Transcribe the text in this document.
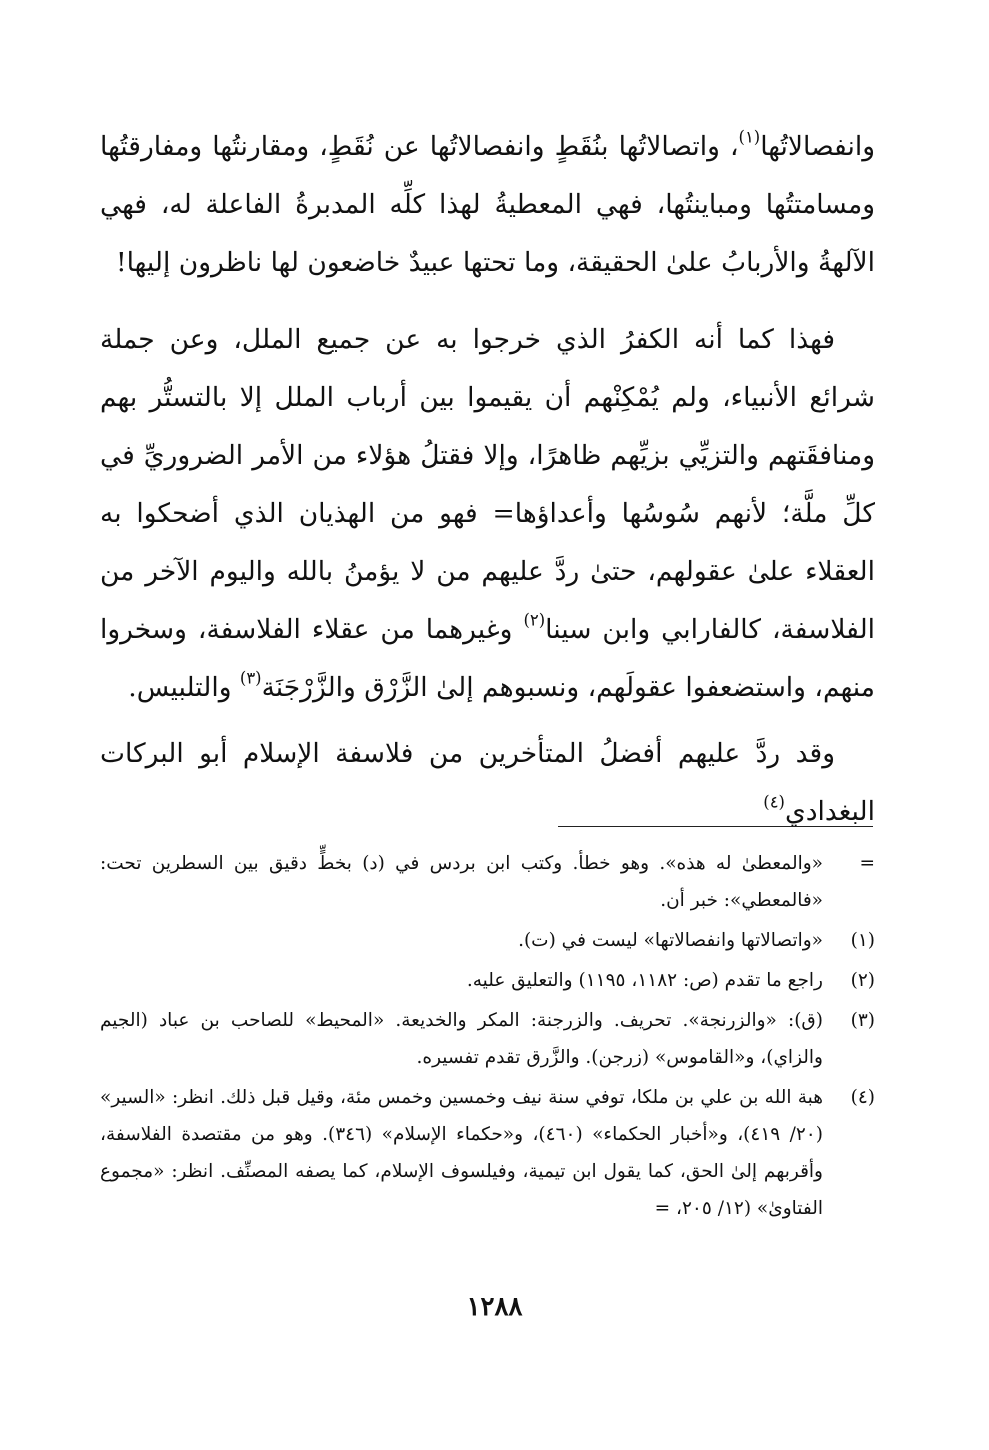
وانفصالاتُها$^{(١)}$، واتصالاتُها بنُقَطٍ وانفصالاتُها عن نُقَطٍ، ومقارنتُها ومفارقتُها ومسامتتُها ومباينتُها، فهي المعطيةُ لهذا كلِّه المدبرةُ الفاعلة له، فهي الآلهةُ والأربابُ علىٰ الحقيقة، وما تحتها عبيدٌ خاضعون لها ناظرون إليها!

فهذا كما أنه الكفرُ الذي خرجوا به عن جميع الملل، وعن جملة شرائع الأنبياء، ولم يُمْكِنْهم أن يقيموا بين أرباب الملل إلا بالتستُّر بهم ومنافقَتهم والتزيِّي بزيِّهم ظاهرًا، وإلا فقتلُ هؤلاء من الأمر الضروريِّ في كلِّ ملَّة؛ لأنهم سُوسُها وأعداؤها= فهو من الهذيان الذي أضحكوا به العقلاء علىٰ عقولهم، حتىٰ ردَّ عليهم من لا يؤمنُ بالله واليوم الآخر من الفلاسفة، كالفارابي وابن سينا$^{(٢)}$ وغيرهما من عقلاء الفلاسفة، وسخروا منهم، واستضعفوا عقولَهم، ونسبوهم إلىٰ الزَّرْق والزَّرْجَنَة$^{(٣)}$ والتلبيس.

وقد ردَّ عليهم أفضلُ المتأخرين من فلاسفة الإسلام أبو البركات البغدادي$^{(٤)}$

=
«والمعطىٰ له هذه». وهو خطأ. وكتب ابن بردس في (د) بخطٍّ دقيق بين السطرين تحت: «فالمعطي»: خبر أن.
(١)
«واتصالاتها وانفصالاتها» ليست في (ت).
(٢)
راجع ما تقدم (ص: ١١٨٢، ١١٩٥) والتعليق عليه.
(٣)
(ق): «والزرنجة». تحريف. والزرجنة: المكر والخديعة. «المحيط» للصاحب بن عباد (الجيم والزاي)، و«القاموس» (زرجن). والزَّرق تقدم تفسيره.
(٤)
هبة الله بن علي بن ملكا، توفي سنة نيف وخمسين وخمس مئة، وقيل قبل ذلك. انظر: «السير» (٢٠/ ٤١٩)، و«أخبار الحكماء» (٤٦٠)، و«حكماء الإسلام» (٣٤٦). وهو من مقتصدة الفلاسفة، وأقربهم إلىٰ الحق، كما يقول ابن تيمية، وفيلسوف الإسلام، كما يصفه المصنِّف. انظر: «مجموع الفتاوىٰ» (١٢/ ٢٠٥، =
١٢٨٨
